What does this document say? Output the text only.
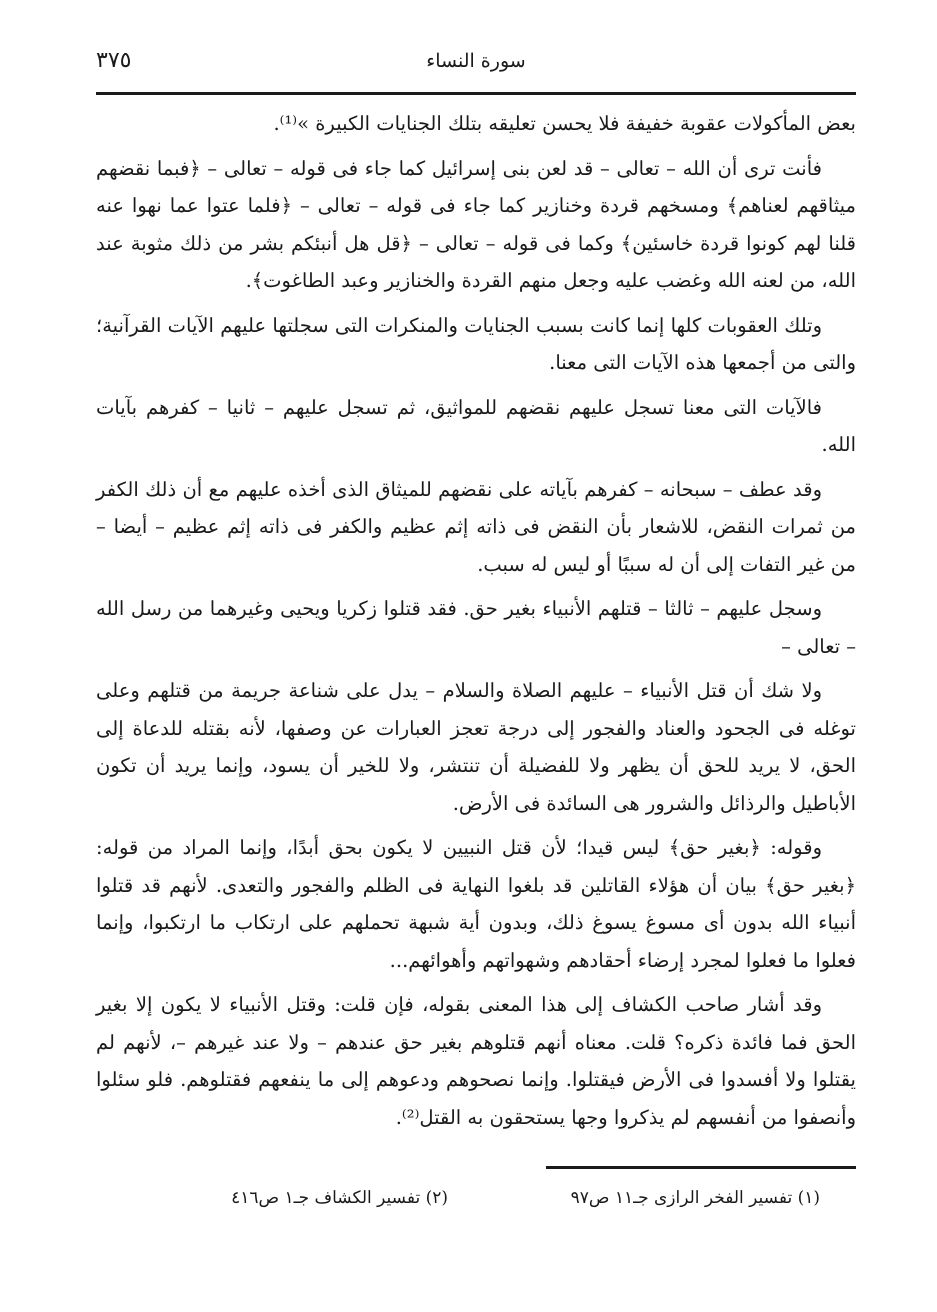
سورة النساء
٣٧٥

بعض المأكولات عقوبة خفيفة فلا يحسن تعليقه بتلك الجنايات الكبيرة »⁽¹⁾.

فأنت ترى أن الله – تعالى – قد لعن بنى إسرائيل كما جاء فى قوله – تعالى – ﴿فبما نقضهم ميثاقهم لعناهم﴾ ومسخهم قردة وخنازير كما جاء فى قوله – تعالى – ﴿فلما عتوا عما نهوا عنه قلنا لهم كونوا قردة خاسئين﴾ وكما فى قوله – تعالى – ﴿قل هل أنبئكم بشر من ذلك مثوبة عند الله، من لعنه الله وغضب عليه وجعل منهم القردة والخنازير وعبد الطاغوت﴾.

وتلك العقوبات كلها إنما كانت بسبب الجنايات والمنكرات التى سجلتها عليهم الآيات القرآنية؛ والتى من أجمعها هذه الآيات التى معنا.

فالآيات التى معنا تسجل عليهم نقضهم للمواثيق، ثم تسجل عليهم – ثانيا – كفرهم بآيات الله.

وقد عطف – سبحانه – كفرهم بآياته على نقضهم للميثاق الذى أخذه عليهم مع أن ذلك الكفر من ثمرات النقض، للاشعار بأن النقض فى ذاته إثم عظيم والكفر فى ذاته إثم عظيم – أيضا – من غير التفات إلى أن له سببًا أو ليس له سبب.

وسجل عليهم – ثالثا – قتلهم الأنبياء بغير حق. فقد قتلوا زكريا ويحيى وغيرهما من رسل الله – تعالى –

ولا شك أن قتل الأنبياء – عليهم الصلاة والسلام – يدل على شناعة جريمة من قتلهم وعلى توغله فى الجحود والعناد والفجور إلى درجة تعجز العبارات عن وصفها، لأنه بقتله للدعاة إلى الحق، لا يريد للحق أن يظهر ولا للفضيلة أن تنتشر، ولا للخير أن يسود، وإنما يريد أن تكون الأباطيل والرذائل والشرور هى السائدة فى الأرض.

وقوله: ﴿بغير حق﴾ ليس قيدا؛ لأن قتل النبيين لا يكون بحق أبدًا، وإنما المراد من قوله: ﴿بغير حق﴾ بيان أن هؤلاء القاتلين قد بلغوا النهاية فى الظلم والفجور والتعدى. لأنهم قد قتلوا أنبياء الله بدون أى مسوغ يسوغ ذلك، وبدون أية شبهة تحملهم على ارتكاب ما ارتكبوا، وإنما فعلوا ما فعلوا لمجرد إرضاء أحقادهم وشهواتهم وأهوائهم...

وقد أشار صاحب الكشاف إلى هذا المعنى بقوله، فإن قلت: وقتل الأنبياء لا يكون إلا بغير الحق فما فائدة ذكره؟ قلت. معناه أنهم قتلوهم بغير حق عندهم – ولا عند غيرهم –، لأنهم لم يقتلوا ولا أفسدوا فى الأرض فيقتلوا. وإنما نصحوهم ودعوهم إلى ما ينفعهم فقتلوهم. فلو سئلوا وأنصفوا من أنفسهم لم يذكروا وجها يستحقون به القتل⁽²⁾.

(١) تفسير الفخر الرازى جـ١١ ص٩٧
(٢) تفسير الكشاف جـ١ ص٤١٦
